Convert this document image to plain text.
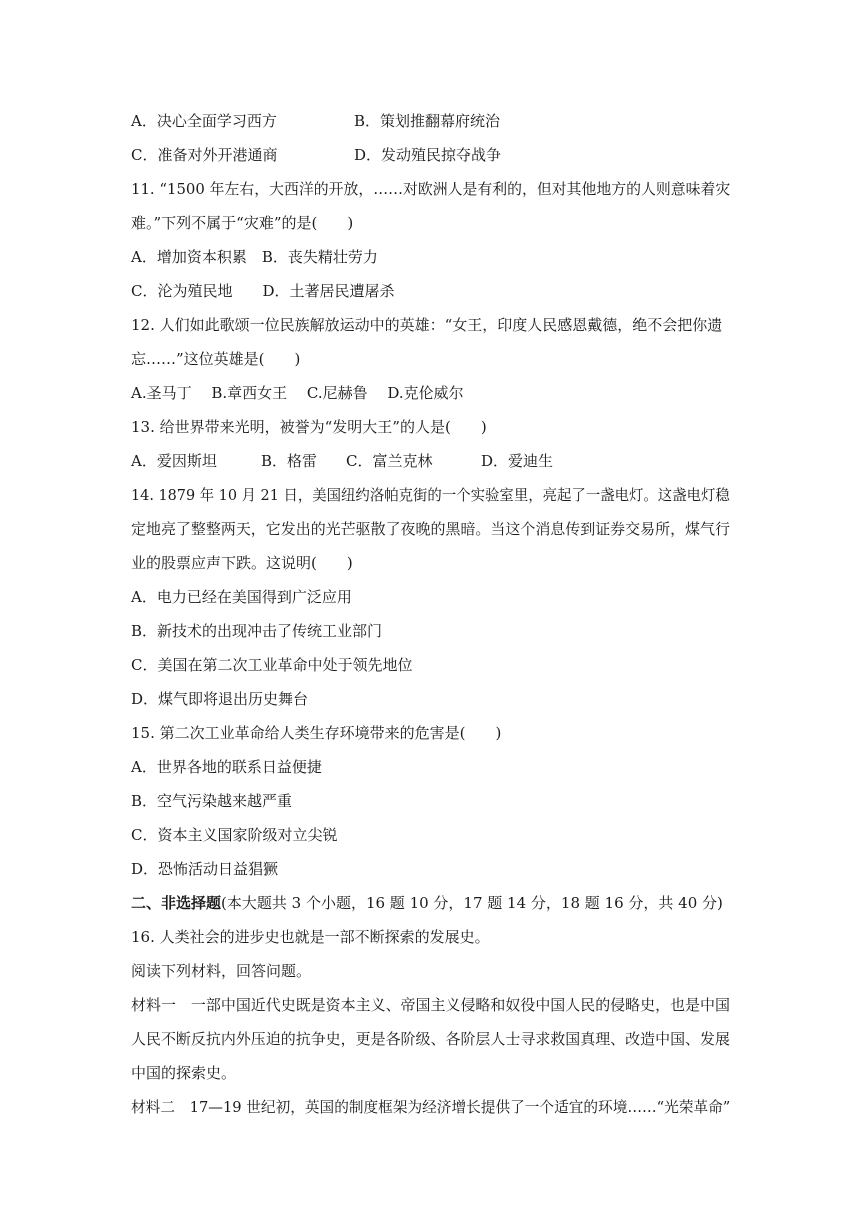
A．决心全面学习西方	B．策划推翻幕府统治
C．准备对外开港通商	D．发动殖民掠夺战争
11. “1500 年左右，大西洋的开放，……对欧洲人是有利的，但对其他地方的人则意味着灾
难。”下列不属于“灾难”的是(　　)
A．增加资本积累　B．丧失精壮劳力
C．沦为殖民地　　D．土著居民遭屠杀
12. 人们如此歌颂一位民族解放运动中的英雄：“女王，印度人民感恩戴德，绝不会把你遗
忘……”这位英雄是(　　)
A.圣马丁　 B.章西女王　 C.尼赫鲁　 D.克伦威尔
13. 给世界带来光明，被誉为“发明大王”的人是(　　)
A．爱因斯坦	B．格雷 C．富兰克林	D．爱迪生
14. 1879 年 10 月 21 日，美国纽约洛帕克街的一个实验室里，亮起了一盏电灯。这盏电灯稳
定地亮了整整两天，它发出的光芒驱散了夜晚的黑暗。当这个消息传到证券交易所，煤气行
业的股票应声下跌。这说明(　　)
A．电力已经在美国得到广泛应用
B．新技术的出现冲击了传统工业部门
C．美国在第二次工业革命中处于领先地位
D．煤气即将退出历史舞台
15. 第二次工业革命给人类生存环境带来的危害是(　　)
A．世界各地的联系日益便捷
B．空气污染越来越严重
C．资本主义国家阶级对立尖锐
D．恐怖活动日益猖獗
二、非选择题(本大题共 3 个小题，16 题 10 分，17 题 14 分，18 题 16 分，共 40 分)
16. 人类社会的进步史也就是一部不断探索的发展史。
阅读下列材料，回答问题。
材料一　一部中国近代史既是资本主义、帝国主义侵略和奴役中国人民的侵略史，也是中国
人民不断反抗内外压迫的抗争史，更是各阶级、各阶层人士寻求救国真理、改造中国、发展
中国的探索史。
材料二　17—19 世纪初，英国的制度框架为经济增长提供了一个适宜的环境……“光荣革命”
